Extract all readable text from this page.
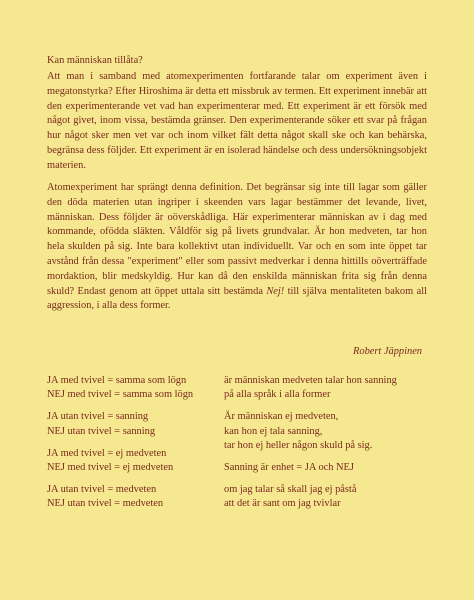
Kan människan tillåta?

Att man i samband med atomexperimenten fortfarande talar om experiment även i megatonstyrka? Efter Hiroshima är detta ett missbruk av termen. Ett experiment innebär att den experimenterande vet vad han experimenterar med. Ett experiment är ett försök med något givet, inom vissa, bestämda gränser. Den experimenterande söker ett svar på frågan hur något sker men vet var och inom vilket fält detta något skall ske och kan behärska, begränsa dess följder. Ett experiment är en isolerad händelse och dess undersökningsobjekt materien.

Atomexperiment har sprängt denna definition. Det begränsar sig inte till lagar som gäller den döda materien utan ingriper i skeenden vars lagar bestämmer det levande, livet, människan. Dess följder är oöverskådliga. Här experimenterar människan av i dag med kommande, ofödda släkten. Våldför sig på livets grundvalar. Är hon medveten, tar hon hela skulden på sig. Inte bara kollektivt utan individuellt. Var och en som inte öppet tar avstånd från dessa "experiment" eller som passivt medverkar i denna hittills oöverträffade mordaktion, blir medskyldig. Hur kan då den enskilda människan frita sig från denna skuld? Endast genom att öppet uttala sitt bestämda Nej! till själva mentaliteten bakom all aggression, i alla dess former.

Robert Jäppinen
JA med tvivel = samma som lögn
NEJ med tvivel = samma som lögn
JA utan tvivel = sanning
NEJ utan tvivel = sanning
JA med tvivel = ej medveten
NEJ med tvivel = ej medveten
JA utan tvivel = medveten
NEJ utan tvivel = medveten
är människan medveten talar hon sanning
på alla språk i alla former
Är människan ej medveten,
kan hon ej tala sanning,
tar hon ej heller någon skuld på sig.
Sanning är enhet = JA och NEJ
om jag talar så skall jag ej påstå
att det är sant om jag tvivlar
